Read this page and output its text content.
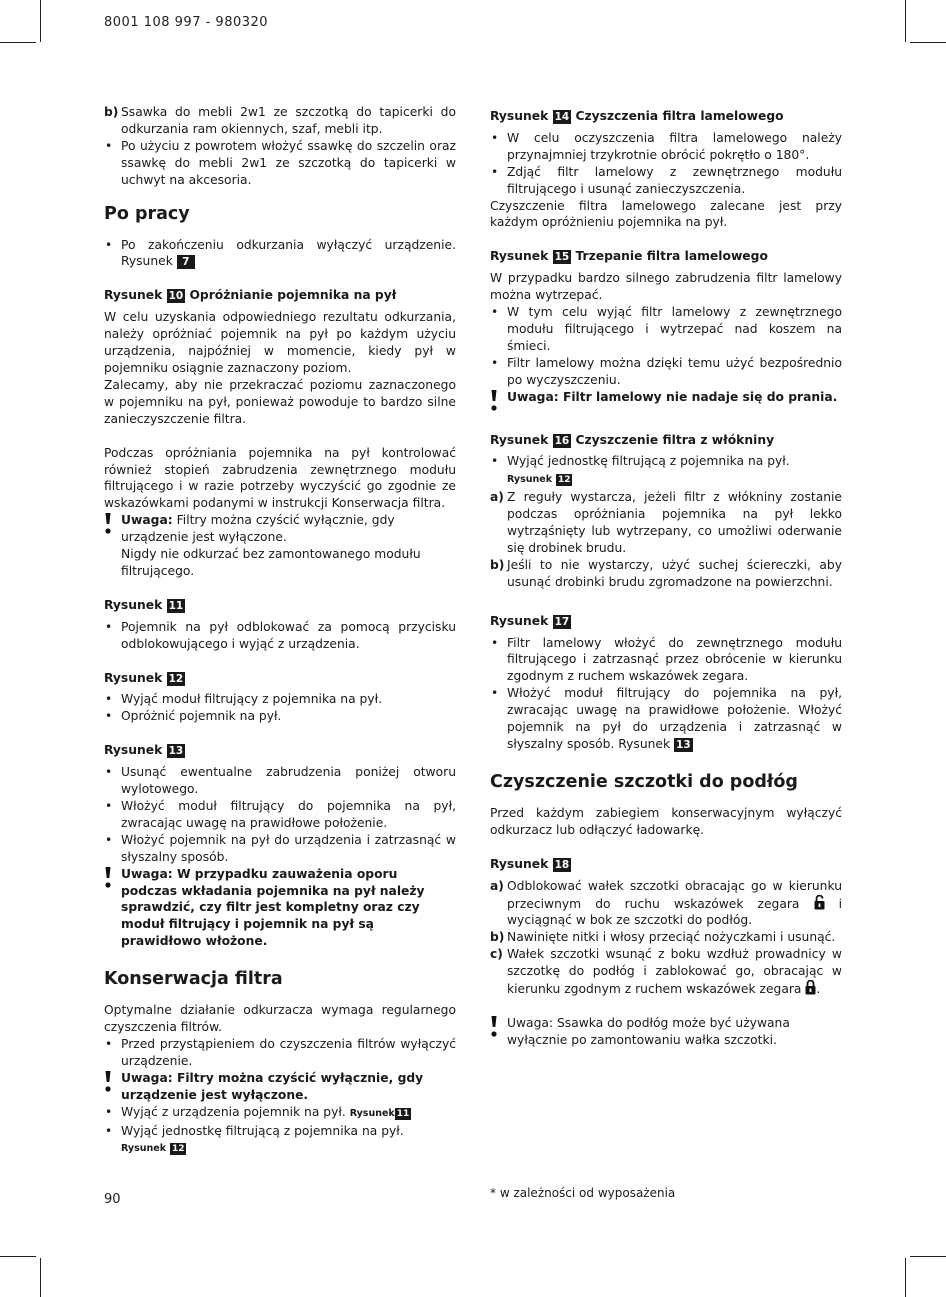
8001 108 997 - 980320

b) Ssawka do mebli 2w1 ze szczotką do tapicerki do odkurzania ram okiennych, szaf, mebli itp.

• Po użyciu z powrotem włożyć ssawkę do szczelin oraz ssawkę do mebli 2w1 ze szczotką do tapicerki w uchwyt na akcesoria.

Po pracy

• Po zakończeniu odkurzania wyłączyć urządzenie. Rysunek 7

Rysunek 10 Opróżnianie pojemnika na pył

W celu uzyskania odpowiedniego rezultatu odkurzania, należy opróżniać pojemnik na pył po każdym użyciu urządzenia, najpóźniej w momencie, kiedy pył w pojemniku osiągnie zaznaczony poziom.

Zalecamy, aby nie przekraczać poziomu zaznaczonego w pojemniku na pył, ponieważ powoduje to bardzo silne zanieczyszczenie filtra.

Podczas opróżniania pojemnika na pył kontrolować również stopień zabrudzenia zewnętrznego modułu filtrującego i w razie potrzeby wyczyścić go zgodnie ze wskazówkami podanymi w instrukcji Konserwacja filtra.

Uwaga: Filtry można czyścić wyłącznie, gdy urządzenie jest wyłączone.
Nigdy nie odkurzać bez zamontowanego modułu filtrującego.
Rysunek 11

• Pojemnik na pył odblokować za pomocą przycisku odblokowującego i wyjąć z urządzenia.

Rysunek 12

• Wyjąć moduł filtrujący z pojemnika na pył.

• Opróżnić pojemnik na pył.

Rysunek 13

• Usunąć ewentualne zabrudzenia poniżej otworu wylotowego.

• Włożyć moduł filtrujący do pojemnika na pył, zwracając uwagę na prawidłowe położenie.

• Włożyć pojemnik na pył do urządzenia i zatrzasnąć w słyszalny sposób.

Uwaga: W przypadku zauważenia oporu podczas wkładania pojemnika na pył należy sprawdzić, czy filtr jest kompletny oraz czy moduł filtrujący i pojemnik na pył są prawidłowo włożone.
Konserwacja filtra

Optymalne działanie odkurzacza wymaga regularnego czyszczenia filtrów.

• Przed przystąpieniem do czyszczenia filtrów wyłączyć urządzenie.

Uwaga: Filtry można czyścić wyłącznie, gdy urządzenie jest wyłączone.

• Wyjąć z urządzenia pojemnik na pył. Rysunek 11

• Wyjąć jednostkę filtrującą z pojemnika na pył.
Rysunek 12

Rysunek 14 Czyszczenia filtra lamelowego

• W celu oczyszczenia filtra lamelowego należy przynajmniej trzykrotnie obrócić pokrętło o 180°.

• Zdjąć filtr lamelowy z zewnętrznego modułu filtrującego i usunąć zanieczyszczenia.

Czyszczenie filtra lamelowego zalecane jest przy każdym opróżnieniu pojemnika na pył.

Rysunek 15 Trzepanie filtra lamelowego

W przypadku bardzo silnego zabrudzenia filtr lamelowy można wytrzepać.

• W tym celu wyjąć filtr lamelowy z zewnętrznego modułu filtrującego i wytrzepać nad koszem na śmieci.

• Filtr lamelowy można dzięki temu użyć bezpośrednio po wyczyszczeniu.

Uwaga: Filtr lamelowy nie nadaje się do prania.
Rysunek 16 Czyszczenie filtra z włókniny

• Wyjąć jednostkę filtrującą z pojemnika na pył.
Rysunek 12

a) Z reguły wystarcza, jeżeli filtr z włókniny zostanie podczas opróżniania pojemnika na pył lekko wytrząśnięty lub wytrzepany, co umożliwi oderwanie się drobinek brudu.

b) Jeśli to nie wystarczy, użyć suchej ściereczki, aby usunąć drobinki brudu zgromadzone na powierzchni.

Rysunek 17

• Filtr lamelowy włożyć do zewnętrznego modułu filtrującego i zatrzasnąć przez obrócenie w kierunku zgodnym z ruchem wskazówek zegara.

• Włożyć moduł filtrujący do pojemnika na pył, zwracając uwagę na prawidłowe położenie. Włożyć pojemnik na pył do urządzenia i zatrzasnąć w słyszalny sposób. Rysunek 13

Czyszczenie szczotki do podłóg

Przed każdym zabiegiem konserwacyjnym wyłączyć odkurzacz lub odłączyć ładowarkę.

Rysunek 18

a) Odblokować wałek szczotki obracając go w kierunku przeciwnym do ruchu wskazówek zegara	i wyciągnąć w bok ze szczotki do podłóg.

b) Nawinięte nitki i włosy przeciąć nożyczkami i usunąć.

c) Wałek szczotki wsunąć z boku wzdłuż prowadnicy w szczotkę do podłóg i zablokować go, obracając w kierunku zgodnym z ruchem wskazówek zegara .

Uwaga: Ssawka do podłóg może być używana wyłącznie po zamontowaniu wałka szczotki.
90	* w zależności od wyposażenia
